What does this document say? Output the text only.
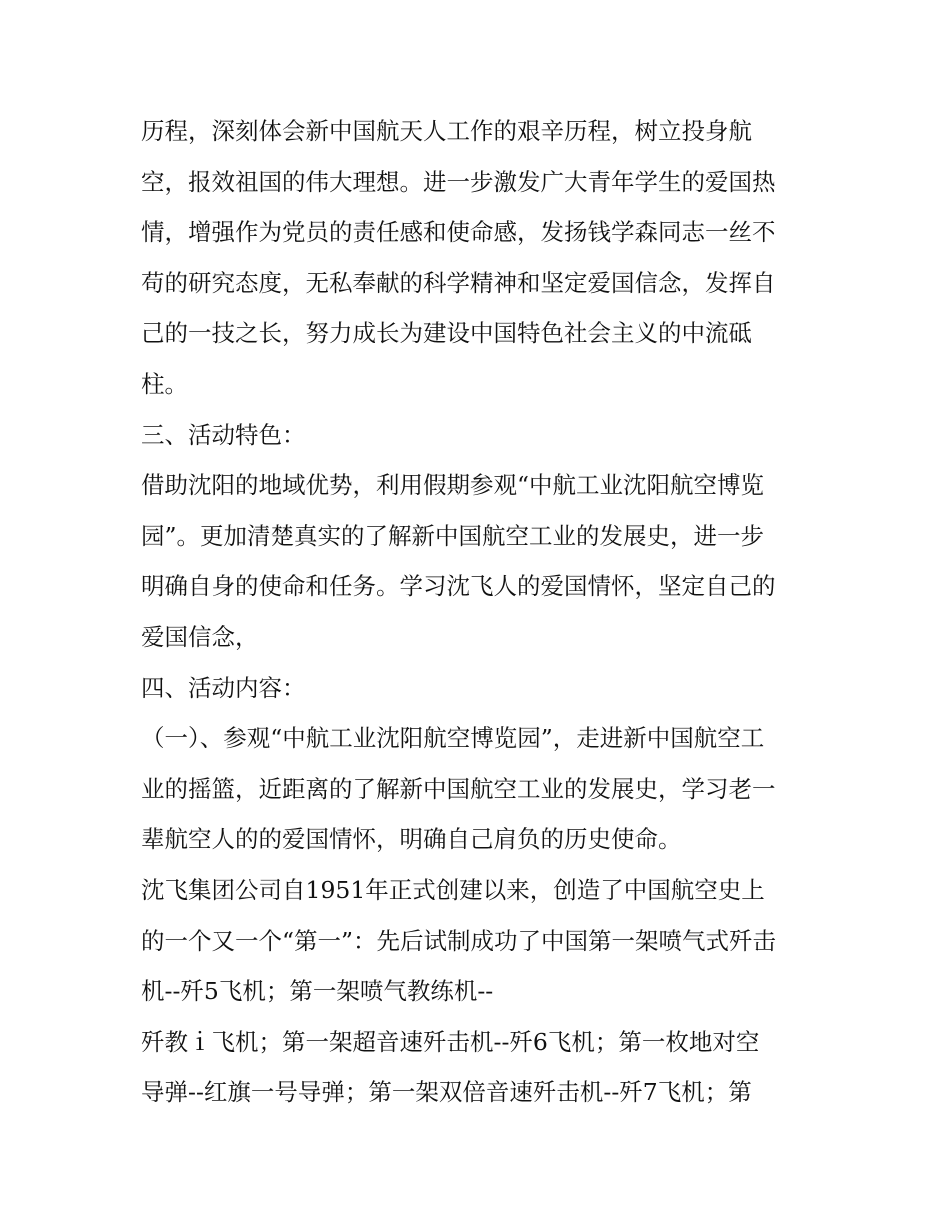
历程，深刻体会新中国航天人工作的艰辛历程，树立投身航
空，报效祖国的伟大理想。进一步激发广大青年学生的爱国热
情，增强作为党员的责任感和使命感，发扬钱学森同志一丝不
苟的研究态度，无私奉献的科学精神和坚定爱国信念，发挥自
己的一技之长，努力成长为建设中国特色社会主义的中流砥
柱。
三、活动特色：
借助沈阳的地域优势，利用假期参观“中航工业沈阳航空博览
园”。更加清楚真实的了解新中国航空工业的发展史，进一步
明确自身的使命和任务。学习沈飞人的爱国情怀，坚定自己的
爱国信念，
四、活动内容：
（一）、参观“中航工业沈阳航空博览园”，走进新中国航空工
业的摇篮，近距离的了解新中国航空工业的发展史，学习老一
辈航空人的的爱国情怀，明确自己肩负的历史使命。
沈飞集团公司自1951年正式创建以来，创造了中国航空史上
的一个又一个“第一”：先后试制成功了中国第一架喷气式歼击
机--歼5飞机；第一架喷气教练机--
歼教ｉ飞机；第一架超音速歼击机--歼6飞机；第一枚地对空
导弹--红旗一号导弹；第一架双倍音速歼击机--歼7飞机；第
